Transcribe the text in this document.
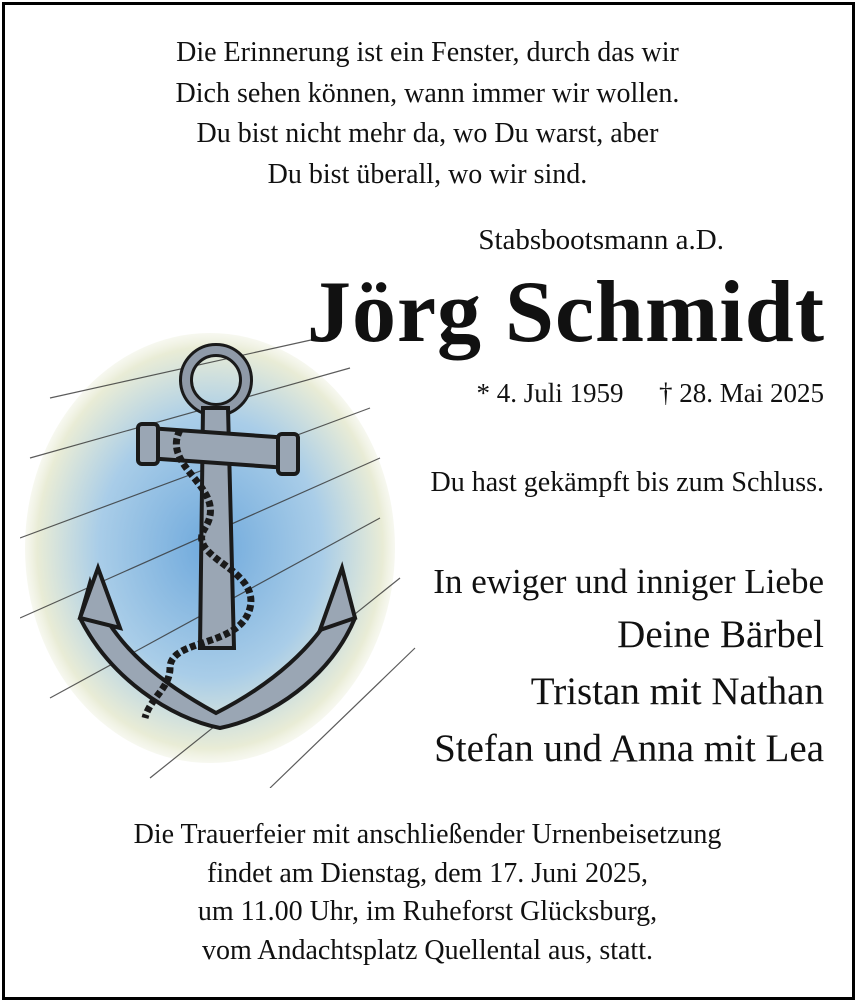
Die Erinnerung ist ein Fenster, durch das wir
Dich sehen können, wann immer wir wollen.
Du bist nicht mehr da, wo Du warst, aber
Du bist überall, wo wir sind.
Stabsbootsmann a.D.
Jörg Schmidt
* 4. Juli 1959 † 28. Mai 2025
Du hast gekämpft bis zum Schluss.
In ewiger und inniger Liebe
Deine Bärbel
Tristan mit Nathan
Stefan und Anna mit Lea
Die Trauerfeier mit anschließender Urnenbeisetzung
findet am Dienstag, dem 17. Juni 2025,
um 11.00 Uhr, im Ruheforst Glücksburg,
vom Andachtsplatz Quellental aus, statt.
